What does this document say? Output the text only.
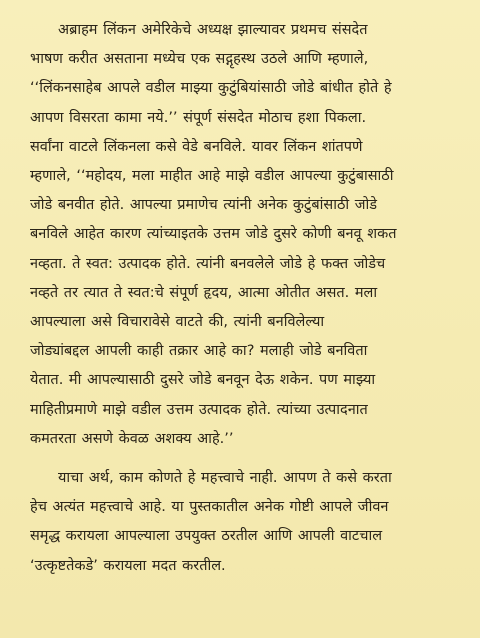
अब्राहम लिंकन अमेरिकेचे अध्यक्ष झाल्यावर प्रथमच संसदेत
भाषण करीत असताना मध्येच एक सद्गृहस्थ उठले आणि म्हणाले,
‘‘लिंकनसाहेब आपले वडील माझ्या कुटुंबियांसाठी जोडे बांधीत होते हे
आपण विसरता कामा नये.’’ संपूर्ण संसदेत मोठाच हशा पिकला.
सर्वांना वाटले लिंकनला कसे वेडे बनविले. यावर लिंकन शांतपणे
म्हणाले, ‘‘महोदय, मला माहीत आहे माझे वडील आपल्या कुटुंबासाठी
जोडे बनवीत होते. आपल्या प्रमाणेच त्यांनी अनेक कुटुंबांसाठी जोडे
बनविले आहेत कारण त्यांच्याइतके उत्तम जोडे दुसरे कोणी बनवू शकत
नव्हता. ते स्वत: उत्पादक होते. त्यांनी बनवलेले जोडे हे फक्त जोडेच
नव्हते तर त्यात ते स्वत:चे संपूर्ण हृदय, आत्मा ओतीत असत. मला
आपल्याला असे विचारावेसे वाटते की, त्यांनी बनविलेल्या
जोड्यांबद्दल आपली काही तक्रार आहे का? मलाही जोडे बनविता
येतात. मी आपल्यासाठी दुसरे जोडे बनवून देऊ शकेन. पण माझ्या
माहितीप्रमाणे माझे वडील उत्तम उत्पादक होते. त्यांच्या उत्पादनात
कमतरता असणे केवळ अशक्य आहे.’’
याचा अर्थ, काम कोणते हे महत्त्वाचे नाही. आपण ते कसे करता
हेच अत्यंत महत्त्वाचे आहे. या पुस्तकातील अनेक गोष्टी आपले जीवन
समृद्ध करायला आपल्याला उपयुक्त ठरतील आणि आपली वाटचाल
‘उत्कृष्टतेकडे’ करायला मदत करतील.
